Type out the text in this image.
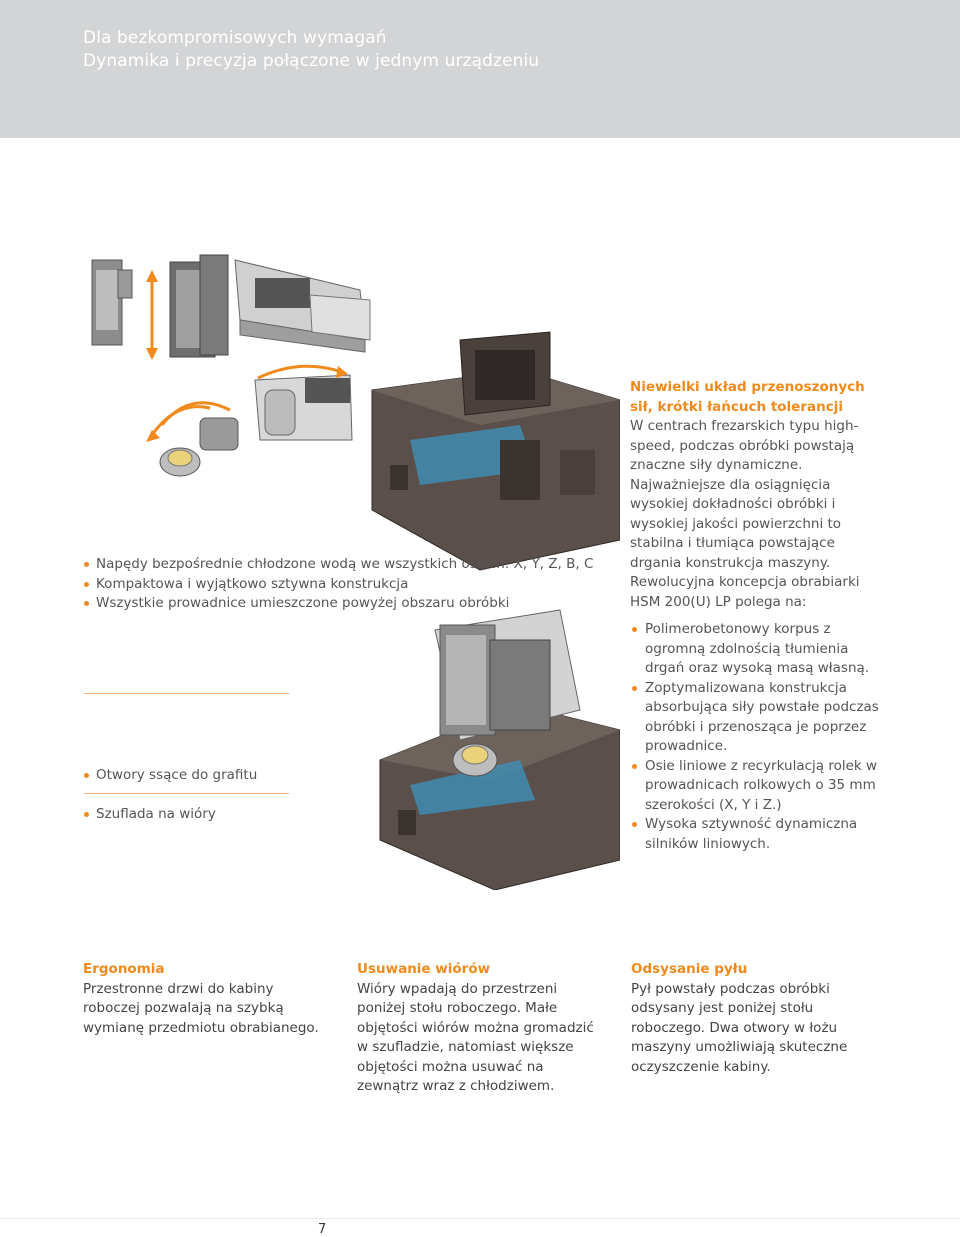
Dla bezkompromisowych wymagań
Dynamika i precyzja połączone w jednym urządzeniu
Napędy bezpośrednie chłodzone wodą we wszystkich osiach: X, Y, Z, B, C
Kompaktowa i wyjątkowo sztywna konstrukcja
Wszystkie prowadnice umieszczone powyżej obszaru obróbki
Otwory ssące do grafitu
Szuflada na wióry

Niewielki układ przenoszonych sił, krótki łańcuch tolerancji

W centrach frezarskich typu high-speed, podczas obróbki powstają znaczne siły dynamiczne. Najważniejsze dla osiągnięcia wysokiej dokładności obróbki i wysokiej jakości powierzchni to stabilna i tłumiąca powstające drgania konstrukcja maszyny. Rewolucyjna koncepcja obrabiarki HSM 200(U) LP polega na:

Polimerobetonowy korpus z ogromną zdolnością tłumienia drgań oraz wysoką masą własną.
Zoptymalizowana konstrukcja absorbująca siły powstałe podczas obróbki i przenosząca je poprzez prowadnice.
Osie liniowe z recyrkulacją rolek w prowadnicach rolkowych o 35 mm szerokości (X, Y i Z.)
Wysoka sztywność dynamiczna silników liniowych.

Ergonomia

Przestronne drzwi do kabiny roboczej pozwalają na szybką wymianę przedmiotu obrabianego.

Usuwanie wiórów

Wióry wpadają do przestrzeni poniżej stołu roboczego. Małe objętości wiórów można gromadzić w szufladzie, natomiast większe objętości można usuwać na zewnątrz wraz z chłodziwem.

Odsysanie pyłu

Pył powstały podczas obróbki odsysany jest poniżej stołu roboczego. Dwa otwory w łożu maszyny umożliwiają skuteczne oczyszczenie kabiny.

7
